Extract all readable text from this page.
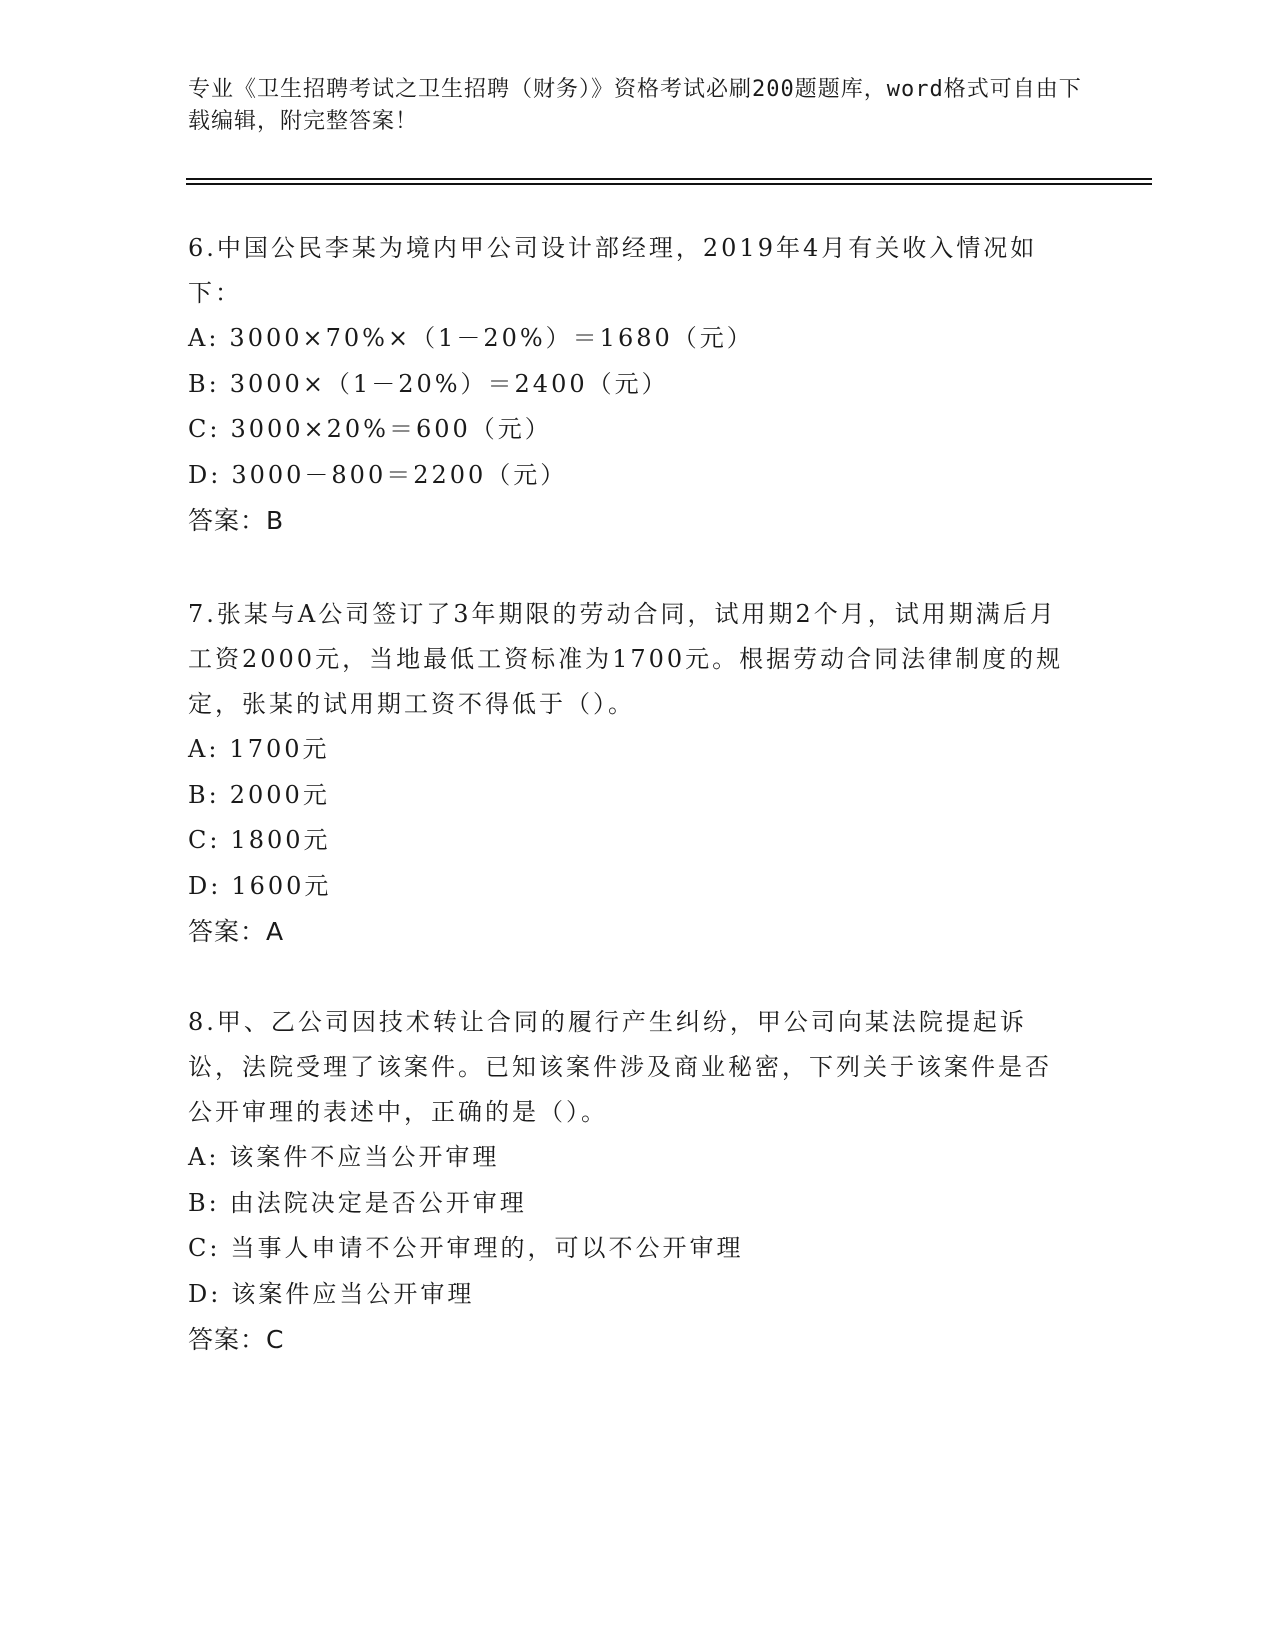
专业《卫生招聘考试之卫生招聘（财务）》资格考试必刷200题题库，word格式可自由下载编辑，附完整答案！

6.中国公民李某为境内甲公司设计部经理，2019年4月有关收入情况如下：

A: 3000×70%×（1－20%）＝1680（元）

B: 3000×（1－20%）＝2400（元）

C: 3000×20%＝600（元）

D: 3000－800＝2200（元）

答案：B

7.张某与A公司签订了3年期限的劳动合同，试用期2个月，试用期满后月工资2000元，当地最低工资标准为1700元。根据劳动合同法律制度的规定，张某的试用期工资不得低于（）。

A: 1700元

B: 2000元

C: 1800元

D: 1600元

答案：A

8.甲、乙公司因技术转让合同的履行产生纠纷，甲公司向某法院提起诉讼，法院受理了该案件。已知该案件涉及商业秘密，下列关于该案件是否公开审理的表述中，正确的是（）。

A: 该案件不应当公开审理

B: 由法院决定是否公开审理

C: 当事人申请不公开审理的，可以不公开审理

D: 该案件应当公开审理

答案：C
